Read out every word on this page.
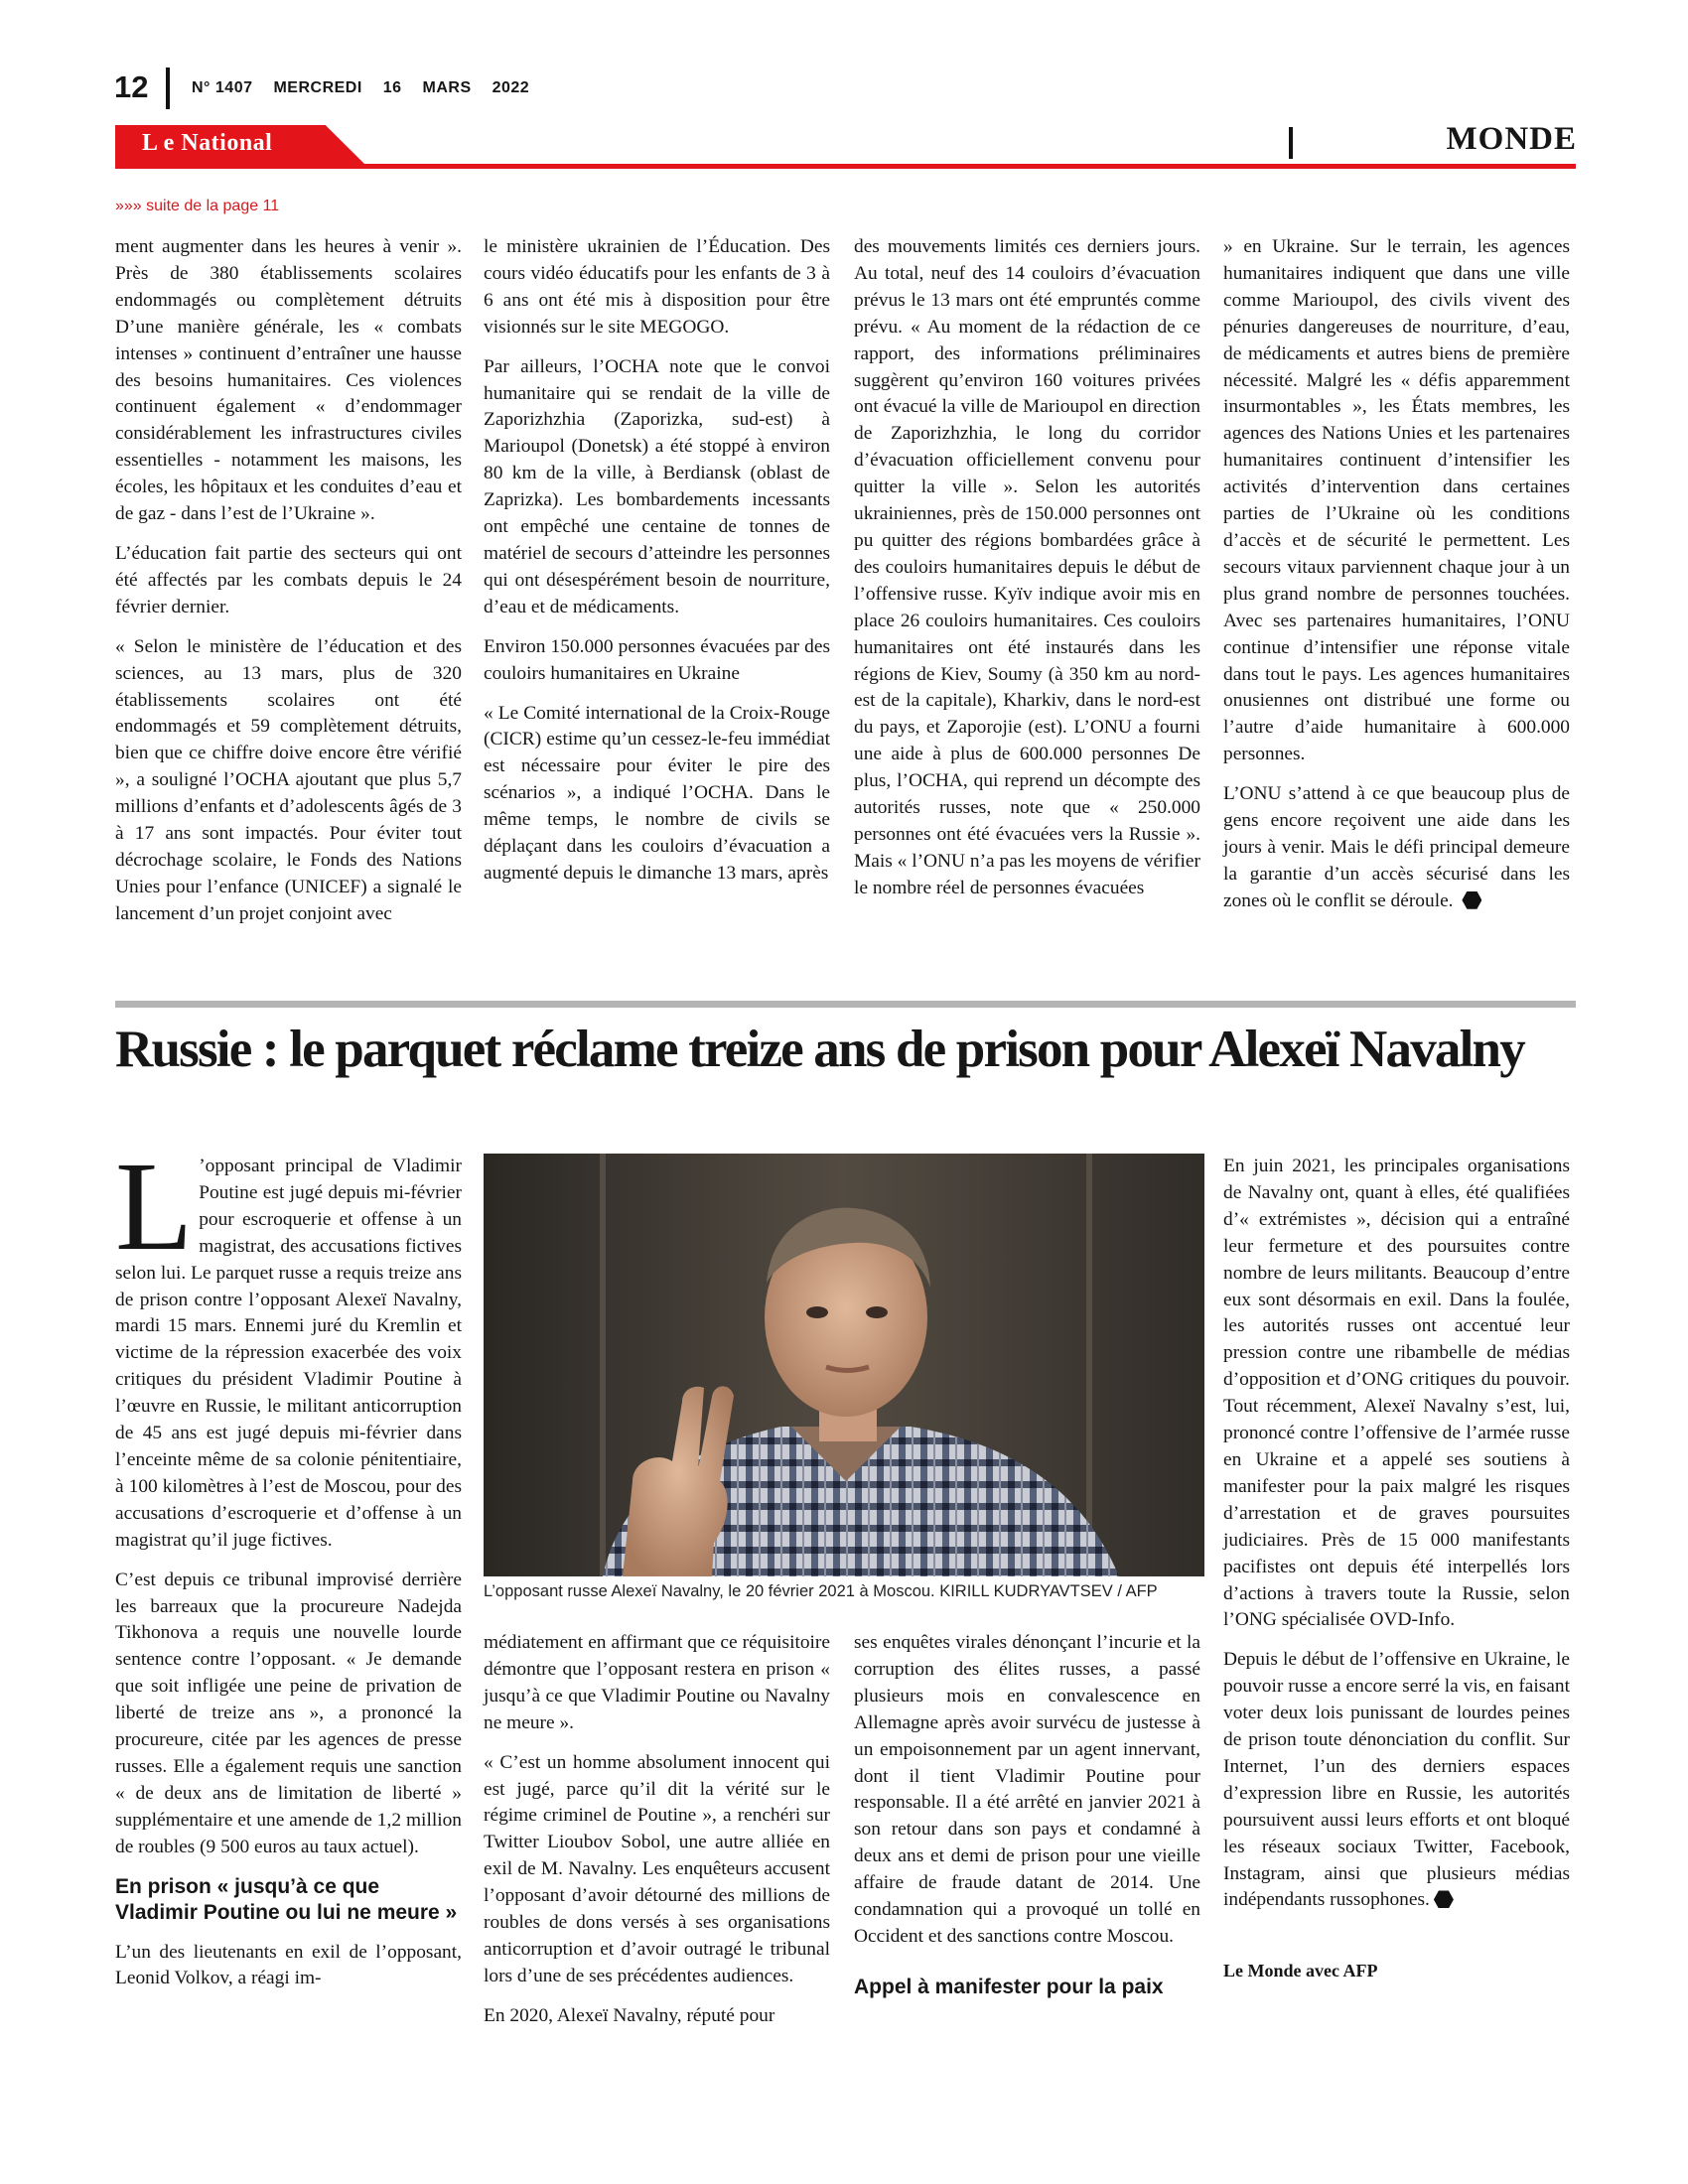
12	N° 1407 MERCREDI 16 MARS 2022
L e National	MONDE
»»» suite de la page 11

ment augmenter dans les heures à venir ». Près de 380 établissements scolaires endommagés ou complètement détruits D’une manière générale, les « combats intenses » continuent d’entraîner une hausse des besoins humanitaires. Ces violences continuent également « d’endommager considérablement les infrastructures civiles essentielles - notamment les maisons, les écoles, les hôpitaux et les conduites d’eau et de gaz - dans l’est de l’Ukraine ».

L’éducation fait partie des secteurs qui ont été affectés par les combats depuis le 24 février dernier.

« Selon le ministère de l’éducation et des sciences, au 13 mars, plus de 320 établissements scolaires ont été endommagés et 59 complètement détruits, bien que ce chiffre doive encore être vérifié », a souligné l’OCHA ajoutant que plus 5,7 millions d’enfants et d’adolescents âgés de 3 à 17 ans sont impactés. Pour éviter tout décrochage scolaire, le Fonds des Nations Unies pour l’enfance (UNICEF) a signalé le lancement d’un projet conjoint avec

le ministère ukrainien de l’Éducation. Des cours vidéo éducatifs pour les enfants de 3 à 6 ans ont été mis à disposition pour être visionnés sur le site MEGOGO.

Par ailleurs, l’OCHA note que le convoi humanitaire qui se rendait de la ville de Zaporizhzhia (Zaporizka, sud-est) à Marioupol (Donetsk) a été stoppé à environ 80 km de la ville, à Berdiansk (oblast de Zaprizka). Les bombardements incessants ont empêché une centaine de tonnes de matériel de secours d’atteindre les personnes qui ont désespérément besoin de nourriture, d’eau et de médicaments.

Environ 150.000 personnes évacuées par des couloirs humanitaires en Ukraine

« Le Comité international de la Croix-Rouge (CICR) estime qu’un cessez-le-feu immédiat est nécessaire pour éviter le pire des scénarios », a indiqué l’OCHA. Dans le même temps, le nombre de civils se déplaçant dans les couloirs d’évacuation a augmenté depuis le dimanche 13 mars, après

des mouvements limités ces derniers jours. Au total, neuf des 14 couloirs d’évacuation prévus le 13 mars ont été empruntés comme prévu. « Au moment de la rédaction de ce rapport, des informations préliminaires suggèrent qu’environ 160 voitures privées ont évacué la ville de Marioupol en direction de Zaporizhzhia, le long du corridor d’évacuation officiellement convenu pour quitter la ville ». Selon les autorités ukrainiennes, près de 150.000 personnes ont pu quitter des régions bombardées grâce à des couloirs humanitaires depuis le début de l’offensive russe. Kyïv indique avoir mis en place 26 couloirs humanitaires. Ces couloirs humanitaires ont été instaurés dans les régions de Kiev, Soumy (à 350 km au nord-est de la capitale), Kharkiv, dans le nord-est du pays, et Zaporojie (est). L’ONU a fourni une aide à plus de 600.000 personnes De plus, l’OCHA, qui reprend un décompte des autorités russes, note que « 250.000 personnes ont été évacuées vers la Russie ». Mais « l’ONU n’a pas les moyens de vérifier le nombre réel de personnes évacuées

» en Ukraine. Sur le terrain, les agences humanitaires indiquent que dans une ville comme Marioupol, des civils vivent des pénuries dangereuses de nourriture, d’eau, de médicaments et autres biens de première nécessité. Malgré les « défis apparemment insurmontables », les États membres, les agences des Nations Unies et les partenaires humanitaires continuent d’intensifier les activités d’intervention dans certaines parties de l’Ukraine où les conditions d’accès et de sécurité le permettent. Les secours vitaux parviennent chaque jour à un plus grand nombre de personnes touchées. Avec ses partenaires humanitaires, l’ONU continue d’intensifier une réponse vitale dans tout le pays. Les agences humanitaires onusiennes ont distribué une forme ou l’autre d’aide humanitaire à 600.000 personnes.

L’ONU s’attend à ce que beaucoup plus de gens encore reçoivent une aide dans les jours à venir. Mais le défi principal demeure la garantie d’un accès sécurisé dans les zones où le conflit se déroule.

Russie : le parquet réclame treize ans de prison pour Alexeï Navalny

L ’opposant principal de Vladimir Poutine est jugé depuis mi-février pour escroquerie et offense à un magistrat, des accusations fictives selon lui. Le parquet russe a requis treize ans de prison contre l’opposant Alexeï Navalny, mardi 15 mars. Ennemi juré du Kremlin et victime de la répression exacerbée des voix critiques du président Vladimir Poutine à l’œuvre en Russie, le militant anticorruption de 45 ans est jugé depuis mi-février dans l’enceinte même de sa colonie pénitentiaire, à 100 kilomètres à l’est de Moscou, pour des accusations d’escroquerie et d’offense à un magistrat qu’il juge fictives.

C’est depuis ce tribunal improvisé derrière les barreaux que la procureure Nadejda Tikhonova a requis une nouvelle lourde sentence contre l’opposant. « Je demande que soit infligée une peine de privation de liberté de treize ans », a prononcé la procureure, citée par les agences de presse russes. Elle a également requis une sanction « de deux ans de limitation de liberté » supplémentaire et une amende de 1,2 million de roubles (9 500 euros au taux actuel).

En prison « jusqu’à ce que Vladimir Poutine ou lui ne meure »

L’un des lieutenants en exil de l’opposant, Leonid Volkov, a réagi im-

L’opposant russe Alexeï Navalny, le 20 février 2021 à Moscou. KIRILL KUDRYAVTSEV / AFP

médiatement en affirmant que ce réquisitoire démontre que l’opposant restera en prison « jusqu’à ce que Vladimir Poutine ou Navalny ne meure ».

« C’est un homme absolument innocent qui est jugé, parce qu’il dit la vérité sur le régime criminel de Poutine », a renchéri sur Twitter Lioubov Sobol, une autre alliée en exil de M. Navalny. Les enquêteurs accusent l’opposant d’avoir détourné des millions de roubles de dons versés à ses organisations anticorruption et d’avoir outragé le tribunal lors d’une de ses précédentes audiences.

En 2020, Alexeï Navalny, réputé pour

ses enquêtes virales dénonçant l’incurie et la corruption des élites russes, a passé plusieurs mois en convalescence en Allemagne après avoir survécu de justesse à un empoisonnement par un agent innervant, dont il tient Vladimir Poutine pour responsable. Il a été arrêté en janvier 2021 à son retour dans son pays et condamné à deux ans et demi de prison pour une vieille affaire de fraude datant de 2014. Une condamnation qui a provoqué un tollé en Occident et des sanctions contre Moscou.

Appel à manifester pour la paix

En juin 2021, les principales organisations de Navalny ont, quant à elles, été qualifiées d’« extrémistes », décision qui a entraîné leur fermeture et des poursuites contre nombre de leurs militants. Beaucoup d’entre eux sont désormais en exil. Dans la foulée, les autorités russes ont accentué leur pression contre une ribambelle de médias d’opposition et d’ONG critiques du pouvoir. Tout récemment, Alexeï Navalny s’est, lui, prononcé contre l’offensive de l’armée russe en Ukraine et a appelé ses soutiens à manifester pour la paix malgré les risques d’arrestation et de graves poursuites judiciaires. Près de 15 000 manifestants pacifistes ont depuis été interpellés lors d’actions à travers toute la Russie, selon l’ONG spécialisée OVD-Info.

Depuis le début de l’offensive en Ukraine, le pouvoir russe a encore serré la vis, en faisant voter deux lois punissant de lourdes peines de prison toute dénonciation du conflit. Sur Internet, l’un des derniers espaces d’expression libre en Russie, les autorités poursuivent aussi leurs efforts et ont bloqué les réseaux sociaux Twitter, Facebook, Instagram, ainsi que plusieurs médias indépendants russophones.

Le Monde avec AFP
